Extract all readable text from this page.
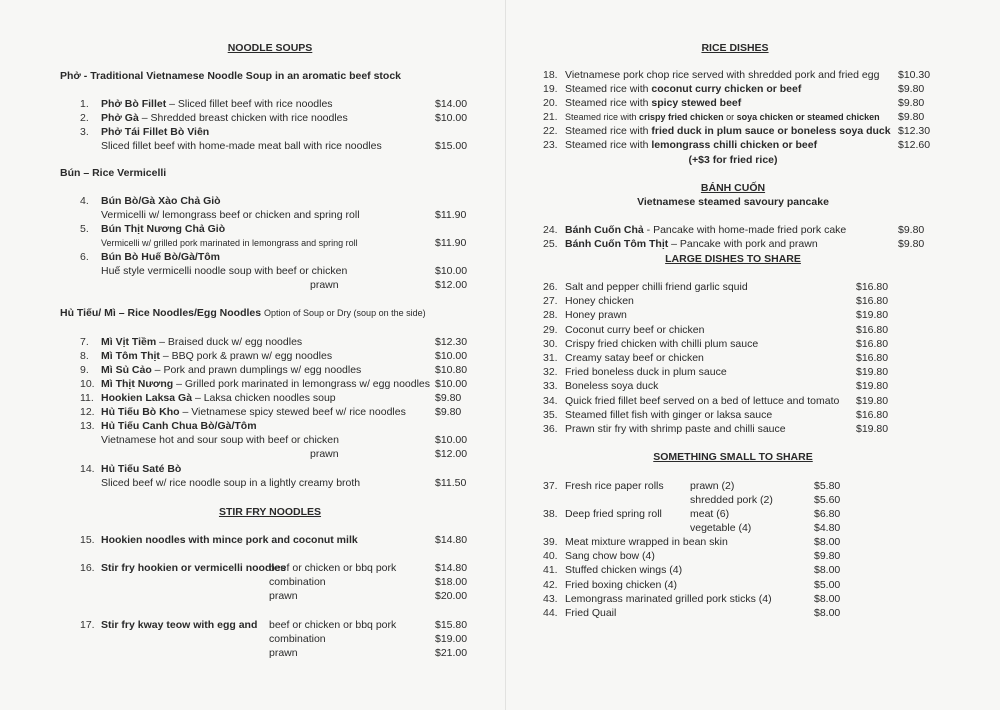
NOODLE SOUPS
Phở - Traditional Vietnamese Noodle Soup in an aromatic beef stock
1. Phở Bò Fillet – Sliced fillet beef with rice noodles	$14.00
2. Phở Gà – Shredded breast chicken with rice noodles	$10.00
3. Phở Tái Fillet Bò Viên
Sliced fillet beef with home-made meat ball with rice noodles	$15.00
Bún – Rice Vermicelli
4. Bún Bò/Gà Xào Chả Giò
Vermicelli w/ lemongrass beef or chicken and spring roll	$11.90
5. Bún Thịt Nương Chả Giò
Vermicelli w/ grilled pork marinated in lemongrass and spring roll	$11.90
6. Bún Bò Huế Bò/Gà/Tôm
Huế style vermicelli noodle soup with beef or chicken	$10.00
prawn	$12.00
Hủ Tiếu/ Mì – Rice Noodles/Egg Noodles Option of Soup or Dry (soup on the side)
7. Mì Vịt Tiềm – Braised duck w/ egg noodles	$12.30
8. Mì Tôm Thịt – BBQ pork & prawn w/ egg noodles	$10.00
9. Mì Sủ Cảo – Pork and prawn dumplings w/ egg noodles	$10.80
10. Mì Thịt Nương – Grilled pork marinated in lemongrass w/ egg noodles $10.00
11. Hookien Laksa Gà – Laksa chicken noodles soup	$9.80
12. Hủ Tiếu Bò Kho – Vietnamese spicy stewed beef w/ rice noodles	$9.80
13. Hủ Tiếu Canh Chua Bò/Gà/Tôm
Vietnamese hot and sour soup with beef or chicken	$10.00
prawn	$12.00
14. Hủ Tiếu Saté Bò
Sliced beef w/ rice noodle soup in a lightly creamy broth	$11.50
STIR FRY NOODLES
15. Hookien noodles with mince pork and coconut milk	$14.80
16. Stir fry hookien or vermicelli noodles
beef or chicken or bbq pork	$14.80
combination	$18.00
prawn	$20.00
17. Stir fry kway teow with egg and beef or chicken or bbq pork	$15.80
combination	$19.00
prawn	$21.00
RICE DISHES
18. Vietnamese pork chop rice served with shredded pork and fried egg $10.30
19. Steamed rice with coconut curry chicken or beef	$9.80
20. Steamed rice with spicy stewed beef	$9.80
21. Steamed rice with crispy fried chicken or soya chicken or steamed chicken $9.80
22. Steamed rice with fried duck in plum sauce or boneless soya duck $12.30
23. Steamed rice with lemongrass chilli chicken or beef	$12.60
(+$3 for fried rice)
BÁNH CUỐN
Vietnamese steamed savoury pancake
24. Bánh Cuốn Chả - Pancake with home-made fried pork cake	$9.80
25. Bánh Cuốn Tôm Thịt – Pancake with pork and prawn	$9.80
LARGE DISHES TO SHARE
26. Salt and pepper chilli friend garlic squid	$16.80
27. Honey chicken	$16.80
28. Honey prawn	$19.80
29. Coconut curry beef or chicken	$16.80
30. Crispy fried chicken with chilli plum sauce	$16.80
31. Creamy satay beef or chicken	$16.80
32. Fried boneless duck in plum sauce	$19.80
33. Boneless soya duck	$19.80
34. Quick fried fillet beef served on a bed of lettuce and tomato $19.80
35. Steamed fillet fish with ginger or laksa sauce	$16.80
36. Prawn stir fry with shrimp paste and chilli sauce	$19.80
SOMETHING SMALL TO SHARE
37. Fresh rice paper rolls	prawn (2)	$5.80
shredded pork (2)	$5.60
38. Deep fried spring roll	meat (6)	$6.80
vegetable (4)	$4.80
39. Meat mixture wrapped in bean skin	$8.00
40. Sang chow bow (4)	$9.80
41. Stuffed chicken wings (4)	$8.00
42. Fried boxing chicken (4)	$5.00
43. Lemongrass marinated grilled pork sticks (4)	$8.00
44. Fried Quail	$8.00
